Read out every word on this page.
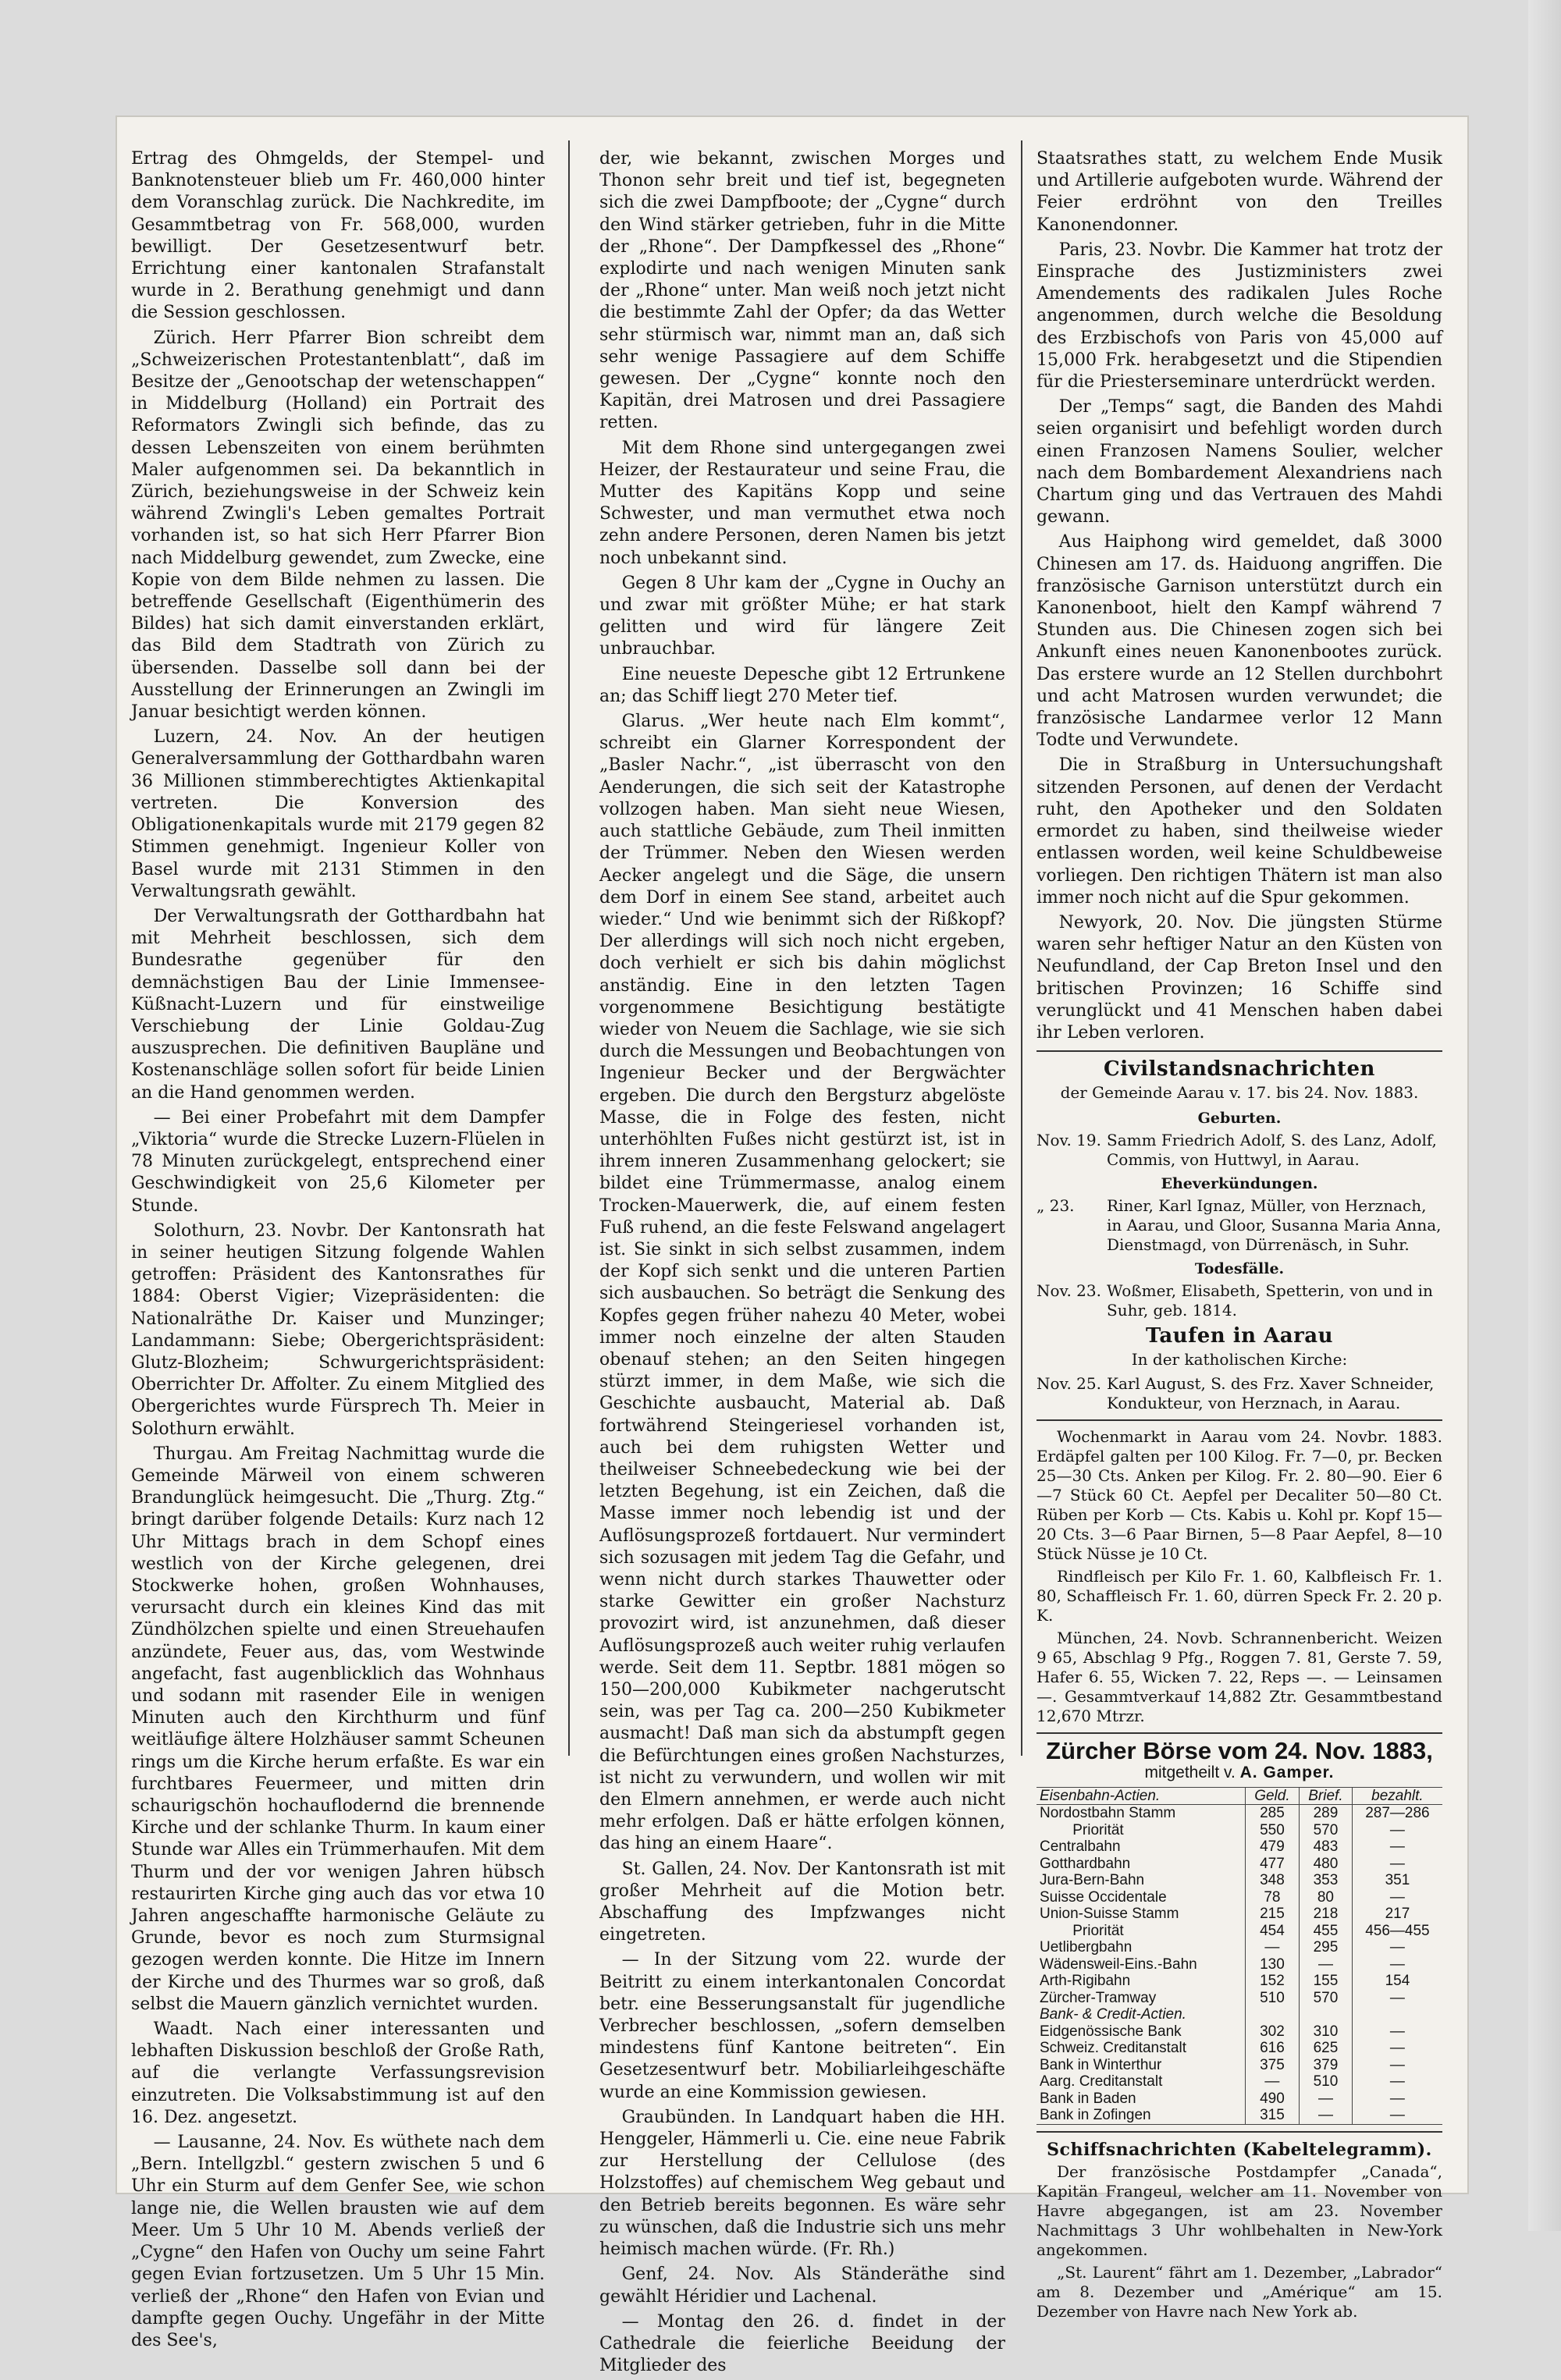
Ertrag des Ohmgelds, der Stempel- und Banknotensteuer blieb um Fr. 460,000 hinter dem Voranschlag zurück. Die Nachkredite, im Gesammtbetrag von Fr. 568,000, wurden bewilligt. Der Gesetzesentwurf betr. Errichtung einer kantonalen Strafanstalt wurde in 2. Berathung genehmigt und dann die Session geschlossen.

Zürich. Herr Pfarrer Bion schreibt dem „Schweizerischen Protestantenblatt“, daß im Besitze der „Genootschap der wetenschappen“ in Middelburg (Holland) ein Portrait des Reformators Zwingli sich befinde, das zu dessen Lebenszeiten von einem berühmten Maler aufgenommen sei. Da bekanntlich in Zürich, beziehungsweise in der Schweiz kein während Zwingli's Leben gemaltes Portrait vorhanden ist, so hat sich Herr Pfarrer Bion nach Middelburg gewendet, zum Zwecke, eine Kopie von dem Bilde nehmen zu lassen. Die betreffende Gesellschaft (Eigenthümerin des Bildes) hat sich damit einverstanden erklärt, das Bild dem Stadtrath von Zürich zu übersenden. Dasselbe soll dann bei der Ausstellung der Erinnerungen an Zwingli im Januar besichtigt werden können.

Luzern, 24. Nov. An der heutigen Generalversammlung der Gotthardbahn waren 36 Millionen stimmberechtigtes Aktienkapital vertreten. Die Konversion des Obligationenkapitals wurde mit 2179 gegen 82 Stimmen genehmigt. Ingenieur Koller von Basel wurde mit 2131 Stimmen in den Verwaltungsrath gewählt.

Der Verwaltungsrath der Gotthardbahn hat mit Mehrheit beschlossen, sich dem Bundesrathe gegenüber für den demnächstigen Bau der Linie Immensee-Küßnacht-Luzern und für einstweilige Verschiebung der Linie Goldau-Zug auszusprechen. Die definitiven Baupläne und Kostenanschläge sollen sofort für beide Linien an die Hand genommen werden.

— Bei einer Probefahrt mit dem Dampfer „Viktoria“ wurde die Strecke Luzern-Flüelen in 78 Minuten zurückgelegt, entsprechend einer Geschwindigkeit von 25,6 Kilometer per Stunde.

Solothurn, 23. Novbr. Der Kantonsrath hat in seiner heutigen Sitzung folgende Wahlen getroffen: Präsident des Kantonsrathes für 1884: Oberst Vigier; Vizepräsidenten: die Nationalräthe Dr. Kaiser und Munzinger; Landammann: Siebe; Obergerichtspräsident: Glutz-Blozheim; Schwurgerichtspräsident: Oberrichter Dr. Affolter. Zu einem Mitglied des Obergerichtes wurde Fürsprech Th. Meier in Solothurn erwählt.

Thurgau. Am Freitag Nachmittag wurde die Gemeinde Märweil von einem schweren Brandunglück heimgesucht. Die „Thurg. Ztg.“ bringt darüber folgende Details: Kurz nach 12 Uhr Mittags brach in dem Schopf eines westlich von der Kirche gelegenen, drei Stockwerke hohen, großen Wohnhauses, verursacht durch ein kleines Kind das mit Zündhölzchen spielte und einen Streuehaufen anzündete, Feuer aus, das, vom Westwinde angefacht, fast augenblicklich das Wohnhaus und sodann mit rasender Eile in wenigen Minuten auch den Kirchthurm und fünf weitläufige ältere Holzhäuser sammt Scheunen rings um die Kirche herum erfaßte. Es war ein furchtbares Feuermeer, und mitten drin schaurigschön hochauflodernd die brennende Kirche und der schlanke Thurm. In kaum einer Stunde war Alles ein Trümmerhaufen. Mit dem Thurm und der vor wenigen Jahren hübsch restaurirten Kirche ging auch das vor etwa 10 Jahren angeschaffte harmonische Geläute zu Grunde, bevor es noch zum Sturmsignal gezogen werden konnte. Die Hitze im Innern der Kirche und des Thurmes war so groß, daß selbst die Mauern gänzlich vernichtet wurden.

Waadt. Nach einer interessanten und lebhaften Diskussion beschloß der Große Rath, auf die verlangte Verfassungsrevision einzutreten. Die Volksabstimmung ist auf den 16. Dez. angesetzt.

— Lausanne, 24. Nov. Es wüthete nach dem „Bern. Intellgzbl.“ gestern zwischen 5 und 6 Uhr ein Sturm auf dem Genfer See, wie schon lange nie, die Wellen brausten wie auf dem Meer. Um 5 Uhr 10 M. Abends verließ der „Cygne“ den Hafen von Ouchy um seine Fahrt gegen Evian fortzusetzen. Um 5 Uhr 15 Min. verließ der „Rhone“ den Hafen von Evian und dampfte gegen Ouchy. Ungefähr in der Mitte des See's,

der, wie bekannt, zwischen Morges und Thonon sehr breit und tief ist, begegneten sich die zwei Dampfboote; der „Cygne“ durch den Wind stärker getrieben, fuhr in die Mitte der „Rhone“. Der Dampfkessel des „Rhone“ explodirte und nach wenigen Minuten sank der „Rhone“ unter. Man weiß noch jetzt nicht die bestimmte Zahl der Opfer; da das Wetter sehr stürmisch war, nimmt man an, daß sich sehr wenige Passagiere auf dem Schiffe gewesen. Der „Cygne“ konnte noch den Kapitän, drei Matrosen und drei Passagiere retten.

Mit dem Rhone sind untergegangen zwei Heizer, der Restaurateur und seine Frau, die Mutter des Kapitäns Kopp und seine Schwester, und man vermuthet etwa noch zehn andere Personen, deren Namen bis jetzt noch unbekannt sind.

Gegen 8 Uhr kam der „Cygne in Ouchy an und zwar mit größter Mühe; er hat stark gelitten und wird für längere Zeit unbrauchbar.

Eine neueste Depesche gibt 12 Ertrunkene an; das Schiff liegt 270 Meter tief.

Glarus. „Wer heute nach Elm kommt“, schreibt ein Glarner Korrespondent der „Basler Nachr.“, „ist überrascht von den Aenderungen, die sich seit der Katastrophe vollzogen haben. Man sieht neue Wiesen, auch stattliche Gebäude, zum Theil inmitten der Trümmer. Neben den Wiesen werden Aecker angelegt und die Säge, die unsern dem Dorf in einem See stand, arbeitet auch wieder.“ Und wie benimmt sich der Rißkopf? Der allerdings will sich noch nicht ergeben, doch verhielt er sich bis dahin möglichst anständig. Eine in den letzten Tagen vorgenommene Besichtigung bestätigte wieder von Neuem die Sachlage, wie sie sich durch die Messungen und Beobachtungen von Ingenieur Becker und der Bergwächter ergeben. Die durch den Bergsturz abgelöste Masse, die in Folge des festen, nicht unterhöhlten Fußes nicht gestürzt ist, ist in ihrem inneren Zusammenhang gelockert; sie bildet eine Trümmermasse, analog einem Trocken-Mauerwerk, die, auf einem festen Fuß ruhend, an die feste Felswand angelagert ist. Sie sinkt in sich selbst zusammen, indem der Kopf sich senkt und die unteren Partien sich ausbauchen. So beträgt die Senkung des Kopfes gegen früher nahezu 40 Meter, wobei immer noch einzelne der alten Stauden obenauf stehen; an den Seiten hingegen stürzt immer, in dem Maße, wie sich die Geschichte ausbaucht, Material ab. Daß fortwährend Steingeriesel vorhanden ist, auch bei dem ruhigsten Wetter und theilweiser Schneebedeckung wie bei der letzten Begehung, ist ein Zeichen, daß die Masse immer noch lebendig ist und der Auflösungsprozeß fortdauert. Nur vermindert sich sozusagen mit jedem Tag die Gefahr, und wenn nicht durch starkes Thauwetter oder starke Gewitter ein großer Nachsturz provozirt wird, ist anzunehmen, daß dieser Auflösungsprozeß auch weiter ruhig verlaufen werde. Seit dem 11. Septbr. 1881 mögen so 150—200,000 Kubikmeter nachgerutscht sein, was per Tag ca. 200—250 Kubikmeter ausmacht! Daß man sich da abstumpft gegen die Befürchtungen eines großen Nachsturzes, ist nicht zu verwundern, und wollen wir mit den Elmern annehmen, er werde auch nicht mehr erfolgen. Daß er hätte erfolgen können, das hing an einem Haare“.

St. Gallen, 24. Nov. Der Kantonsrath ist mit großer Mehrheit auf die Motion betr. Abschaffung des Impfzwanges nicht eingetreten.

— In der Sitzung vom 22. wurde der Beitritt zu einem interkantonalen Concordat betr. eine Besserungsanstalt für jugendliche Verbrecher beschlossen, „sofern demselben mindestens fünf Kantone beitreten“. Ein Gesetzesentwurf betr. Mobiliarleihgeschäfte wurde an eine Kommission gewiesen.

Graubünden. In Landquart haben die HH. Henggeler, Hämmerli u. Cie. eine neue Fabrik zur Herstellung der Cellulose (des Holzstoffes) auf chemischem Weg gebaut und den Betrieb bereits begonnen. Es wäre sehr zu wünschen, daß die Industrie sich uns mehr heimisch machen würde. (Fr. Rh.)

Genf, 24. Nov. Als Ständeräthe sind gewählt Héridier und Lachenal.

— Montag den 26. d. findet in der Cathedrale die feierliche Beeidung der Mitglieder des

Staatsrathes statt, zu welchem Ende Musik und Artillerie aufgeboten wurde. Während der Feier erdröhnt von den Treilles Kanonendonner.

Paris, 23. Novbr. Die Kammer hat trotz der Einsprache des Justizministers zwei Amendements des radikalen Jules Roche angenommen, durch welche die Besoldung des Erzbischofs von Paris von 45,000 auf 15,000 Frk. herabgesetzt und die Stipendien für die Priesterseminare unterdrückt werden.

Der „Temps“ sagt, die Banden des Mahdi seien organisirt und befehligt worden durch einen Franzosen Namens Soulier, welcher nach dem Bombardement Alexandriens nach Chartum ging und das Vertrauen des Mahdi gewann.

Aus Haiphong wird gemeldet, daß 3000 Chinesen am 17. ds. Haiduong angriffen. Die französische Garnison unterstützt durch ein Kanonenboot, hielt den Kampf während 7 Stunden aus. Die Chinesen zogen sich bei Ankunft eines neuen Kanonenbootes zurück. Das erstere wurde an 12 Stellen durchbohrt und acht Matrosen wurden verwundet; die französische Landarmee verlor 12 Mann Todte und Verwundete.

Die in Straßburg in Untersuchungshaft sitzenden Personen, auf denen der Verdacht ruht, den Apotheker und den Soldaten ermordet zu haben, sind theilweise wieder entlassen worden, weil keine Schuldbeweise vorliegen. Den richtigen Thätern ist man also immer noch nicht auf die Spur gekommen.

Newyork, 20. Nov. Die jüngsten Stürme waren sehr heftiger Natur an den Küsten von Neufundland, der Cap Breton Insel und den britischen Provinzen; 16 Schiffe sind verunglückt und 41 Menschen haben dabei ihr Leben verloren.

Civilstandsnachrichten
der Gemeinde Aarau v. 17. bis 24. Nov. 1883.
Geburten.
Nov. 19. Samm Friedrich Adolf, S. des Lanz, Adolf, Commis, von Huttwyl, in Aarau.
Eheverkündungen.
„ 23.	Riner, Karl Ignaz, Müller, von Herznach, in Aarau, und Gloor, Susanna Maria Anna, Dienstmagd, von Dürrenäsch, in Suhr.
Todesfälle.
Nov. 23. Woßmer, Elisabeth, Spetterin, von und in Suhr, geb. 1814.
Taufen in Aarau
In der katholischen Kirche:
Nov. 25. Karl August, S. des Frz. Xaver Schneider, Kondukteur, von Herznach, in Aarau.

Wochenmarkt in Aarau vom 24. Novbr. 1883. Erdäpfel galten per 100 Kilog. Fr. 7—0, pr. Becken 25—30 Cts. Anken per Kilog. Fr. 2. 80—90. Eier 6—7 Stück 60 Ct. Aepfel per Decaliter 50—80 Ct. Rüben per Korb — Cts. Kabis u. Kohl pr. Kopf 15—20 Cts. 3—6 Paar Birnen, 5—8 Paar Aepfel, 8—10 Stück Nüsse je 10 Ct.

Rindfleisch per Kilo Fr. 1. 60, Kalbfleisch Fr. 1. 80, Schaffleisch Fr. 1. 60, dürren Speck Fr. 2. 20 p. K.

München, 24. Novb. Schrannenbericht. Weizen 9 65, Abschlag 9 Pfg., Roggen 7. 81, Gerste 7. 59, Hafer 6. 55, Wicken 7. 22, Reps —. — Leinsamen —. Gesammtverkauf 14,882 Ztr. Gesammtbestand 12,670 Mtrzr.

Zürcher Börse vom 24. Nov. 1883,
mitgetheilt v. A. Gamper.
Eisenbahn-Actien.	Geld.	Brief.	bezahlt.
Nordostbahn Stamm	285	289	287—286
Priorität	550	570	—
Centralbahn	479	483	—
Gotthardbahn	477	480	—
Jura-Bern-Bahn	348	353	351
Suisse Occidentale	78	80	—
Union-Suisse Stamm	215	218	217
Priorität	454	455	456—455
Uetlibergbahn	—	295	—
Wädensweil-Eins.-Bahn	130	—	—
Arth-Rigibahn	152	155	154
Zürcher-Tramway	510	570	—
Bank- & Credit-Actien.			
Eidgenössische Bank	302	310	—
Schweiz. Creditanstalt	616	625	—
Bank in Winterthur	375	379	—
Aarg. Creditanstalt	—	510	—
Bank in Baden	490	—	—
Bank in Zofingen	315	—	—
Schiffsnachrichten (Kabeltelegramm).

Der französische Postdampfer „Canada“, Kapitän Frangeul, welcher am 11. November von Havre abgegangen, ist am 23. November Nachmittags 3 Uhr wohlbehalten in New-York angekommen.

„St. Laurent“ fährt am 1. Dezember, „Labrador“ am 8. Dezember und „Amérique“ am 15. Dezember von Havre nach New York ab.
